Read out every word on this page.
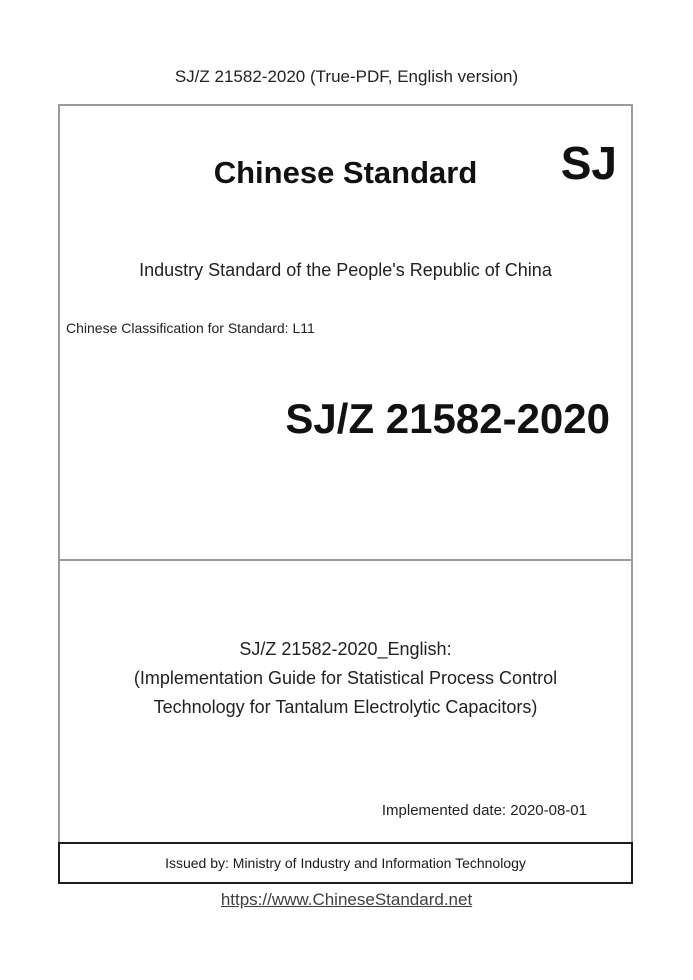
SJ/Z 21582-2020 (True-PDF, English version)
Chinese Standard	SJ
Industry Standard of the People's Republic of China
Chinese Classification for Standard: L11
SJ/Z 21582-2020
SJ/Z 21582-2020_English:
(Implementation Guide for Statistical Process Control
Technology for Tantalum Electrolytic Capacitors)
Implemented date: 2020-08-01
Issued by: Ministry of Industry and Information Technology
https://www.ChineseStandard.net
